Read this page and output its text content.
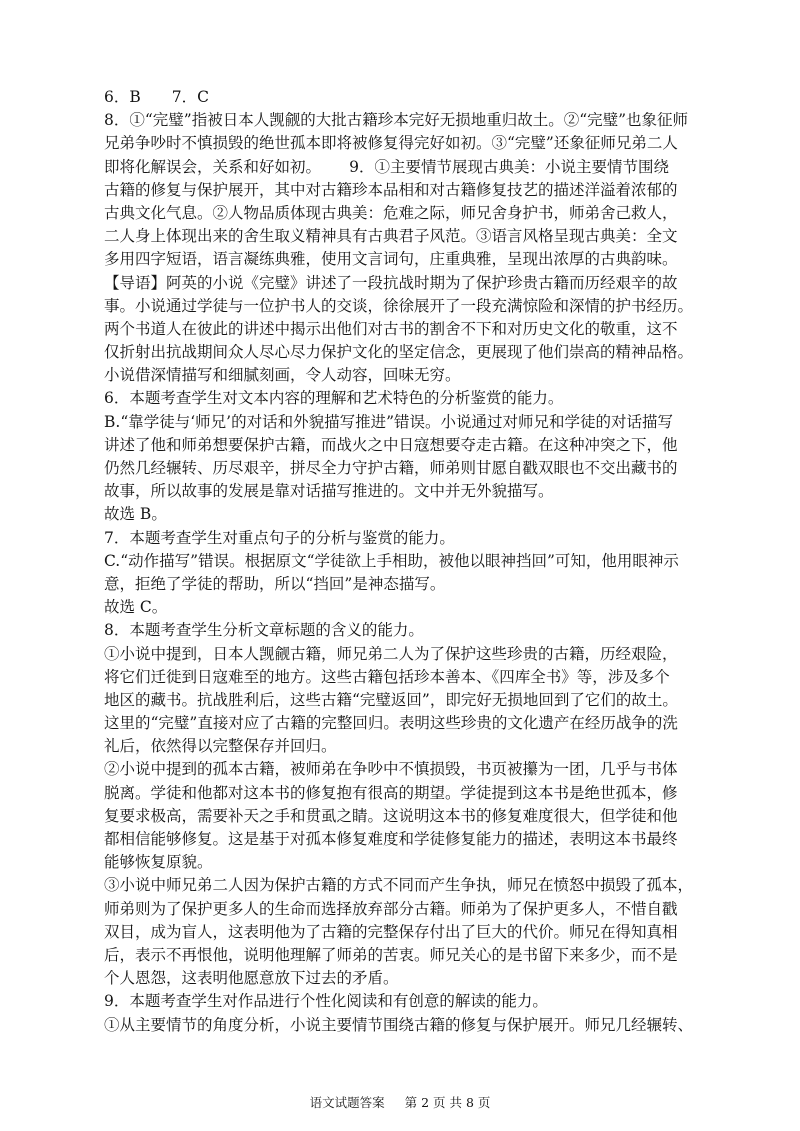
6．B　　7．C
8．①“完璧”指被日本人觊觎的大批古籍珍本完好无损地重归故土。②“完璧”也象征师
兄弟争吵时不慎损毁的绝世孤本即将被修复得完好如初。③“完璧”还象征师兄弟二人
即将化解误会，关系和好如初。　　 9．①主要情节展现古典美：小说主要情节围绕
古籍的修复与保护展开，其中对古籍珍本品相和对古籍修复技艺的描述洋溢着浓郁的
古典文化气息。②人物品质体现古典美：危难之际，师兄舍身护书，师弟舍己救人，
二人身上体现出来的舍生取义精神具有古典君子风范。③语言风格呈现古典美：全文
多用四字短语，语言凝练典雅，使用文言词句，庄重典雅，呈现出浓厚的古典韵味。
【导语】阿英的小说《完璧》讲述了一段抗战时期为了保护珍贵古籍而历经艰辛的故
事。小说通过学徒与一位护书人的交谈，徐徐展开了一段充满惊险和深情的护书经历。
两个书道人在彼此的讲述中揭示出他们对古书的割舍不下和对历史文化的敬重，这不
仅折射出抗战期间众人尽心尽力保护文化的坚定信念，更展现了他们崇高的精神品格。
小说借深情描写和细腻刻画，令人动容，回味无穷。
6．本题考查学生对文本内容的理解和艺术特色的分析鉴赏的能力。
B.“靠学徒与‘师兄’的对话和外貌描写推进”错误。小说通过对师兄和学徒的对话描写
讲述了他和师弟想要保护古籍，而战火之中日寇想要夺走古籍。在这种冲突之下，他
仍然几经辗转、历尽艰辛，拼尽全力守护古籍，师弟则甘愿自戳双眼也不交出藏书的
故事，所以故事的发展是靠对话描写推进的。文中并无外貌描写。
故选 B。
7．本题考查学生对重点句子的分析与鉴赏的能力。
C.“动作描写”错误。根据原文“学徒欲上手相助，被他以眼神挡回”可知，他用眼神示
意，拒绝了学徒的帮助，所以“挡回”是神态描写。
故选 C。
8．本题考查学生分析文章标题的含义的能力。
①小说中提到，日本人觊觎古籍，师兄弟二人为了保护这些珍贵的古籍，历经艰险，
将它们迁徙到日寇难至的地方。这些古籍包括珍本善本、《四库全书》等，涉及多个
地区的藏书。抗战胜利后，这些古籍“完璧返回”，即完好无损地回到了它们的故土。
这里的“完璧”直接对应了古籍的完整回归。表明这些珍贵的文化遗产在经历战争的洗
礼后，依然得以完整保存并回归。
②小说中提到的孤本古籍，被师弟在争吵中不慎损毁，书页被攥为一团，几乎与书体
脱离。学徒和他都对这本书的修复抱有很高的期望。学徒提到这本书是绝世孤本，修
复要求极高，需要补天之手和贯虱之睛。这说明这本书的修复难度很大，但学徒和他
都相信能够修复。这是基于对孤本修复难度和学徒修复能力的描述，表明这本书最终
能够恢复原貌。
③小说中师兄弟二人因为保护古籍的方式不同而产生争执，师兄在愤怒中损毁了孤本，
师弟则为了保护更多人的生命而选择放弃部分古籍。师弟为了保护更多人，不惜自戳
双目，成为盲人，这表明他为了古籍的完整保存付出了巨大的代价。师兄在得知真相
后，表示不再恨他，说明他理解了师弟的苦衷。师兄关心的是书留下来多少，而不是
个人恩怨，这表明他愿意放下过去的矛盾。
9．本题考查学生对作品进行个性化阅读和有创意的解读的能力。
①从主要情节的角度分析，小说主要情节围绕古籍的修复与保护展开。师兄几经辗转、
语文试题答案 第 2 页 共 8 页
